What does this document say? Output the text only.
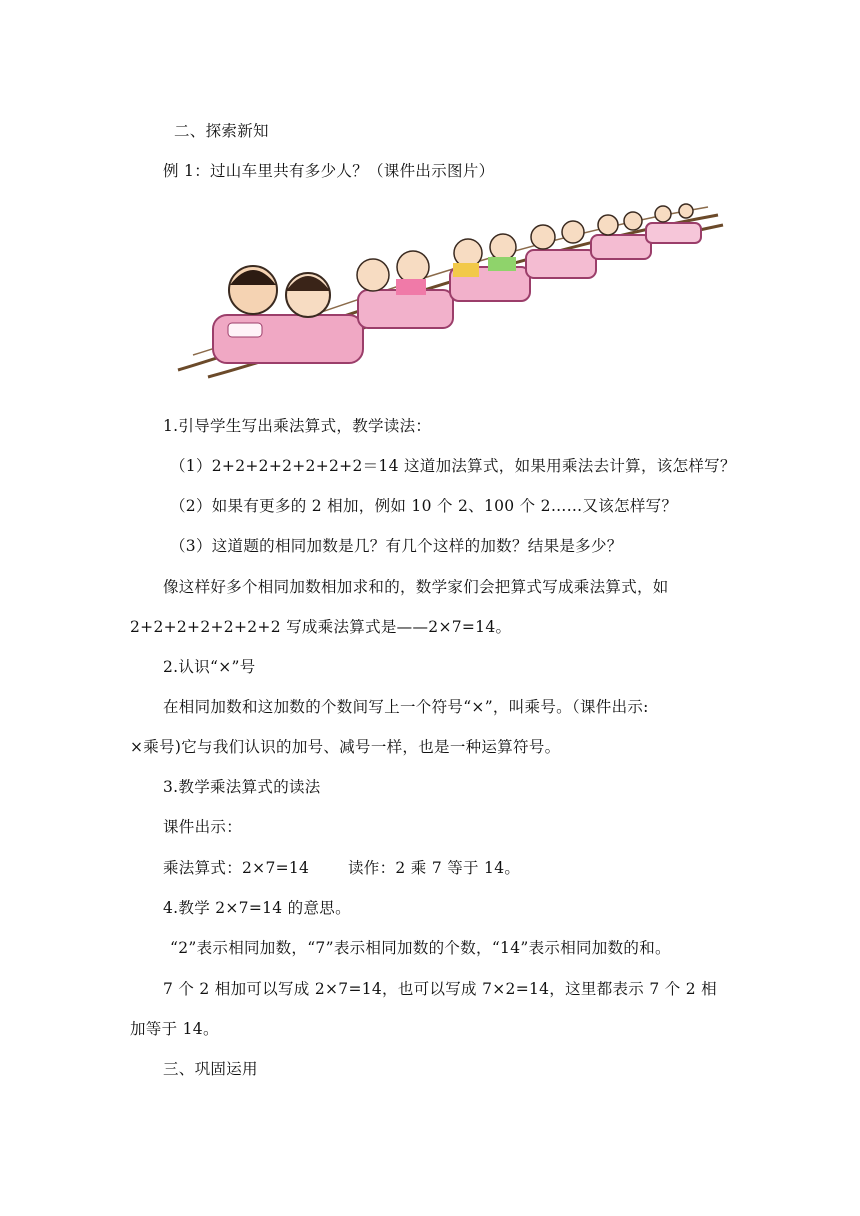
二、探索新知
例 1：过山车里共有多少人？（课件出示图片）
1.引导学生写出乘法算式，教学读法：
（1）2+2+2+2+2+2+2＝14 这道加法算式，如果用乘法去计算，该怎样写？
（2）如果有更多的 2 相加，例如 10 个 2、100 个 2……又该怎样写？
（3）这道题的相同加数是几？有几个这样的加数？结果是多少？
像这样好多个相同加数相加求和的，数学家们会把算式写成乘法算式，如
2+2+2+2+2+2+2 写成乘法算式是——2×7=14。
2.认识“×”号
在相同加数和这加数的个数间写上一个符号“×”，叫乘号。（课件出示:
×乘号)它与我们认识的加号、减号一样，也是一种运算符号。
3.教学乘法算式的读法
课件出示：
乘法算式：2×7=14	读作：2 乘 7 等于 14。
4.教学 2×7=14 的意思。
“2”表示相同加数，“7”表示相同加数的个数，“14”表示相同加数的和。
7 个 2 相加可以写成 2×7=14，也可以写成 7×2=14，这里都表示 7 个 2 相
加等于 14。
三、巩固运用
